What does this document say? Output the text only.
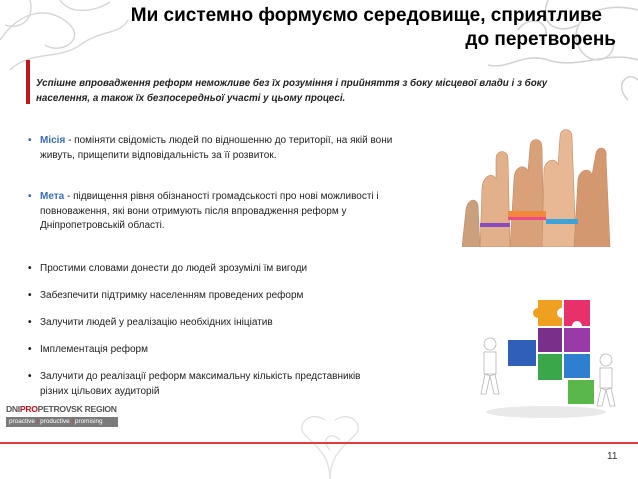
Ми системно формуємо середовище, сприятливе
до перетворень
Успішне впровадження реформ неможливе без їх розуміння і прийняття з боку місцевої влади і з боку
населення, а також їх безпосередньої участі у цьому процесі.
• Місія - поміняти свідомість людей по відношенню до території, на якій вони
живуть, прищепити відповідальність за її розвиток.
• Мета - підвищення рівня обізнаності громадськості про нові можливості і
повноваження, які вони отримують після впровадження реформ у
Дніпропетровській області.
• Простими словами донести до людей зрозумілі їм вигоди
• Забезпечити підтримку населенням проведених реформ
• Залучити людей у реалізацію необхідних ініціатив
• Імплементація реформ
• Залучити до реалізації реформ максимальну кількість представників
різних цільових аудиторій
DNIPROPETROVSK REGION
proactive | productive | promising
11
